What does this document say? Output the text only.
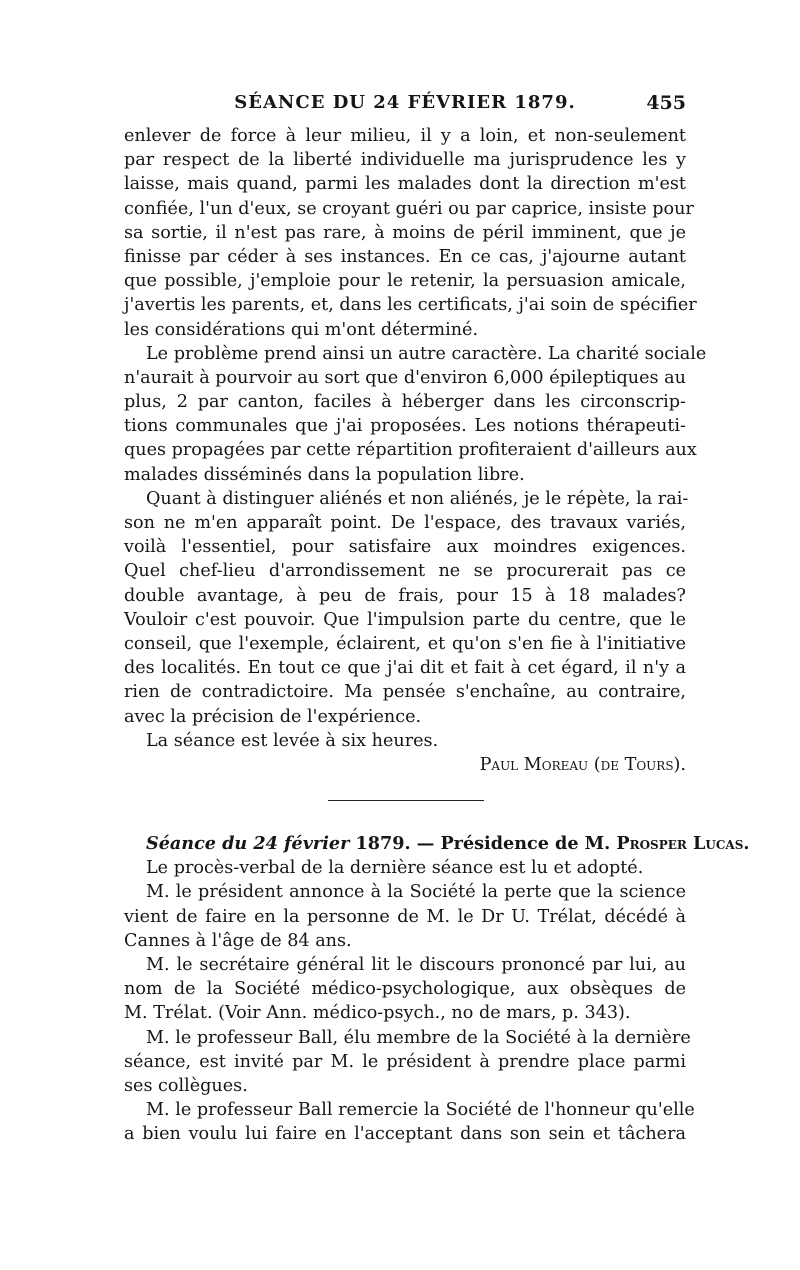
SÉANCE DU 24 FÉVRIER 1879.	455
enlever de force à leur milieu, il y a loin, et non-seulement
par respect de la liberté individuelle ma jurisprudence les y
laisse, mais quand, parmi les malades dont la direction m'est
confiée, l'un d'eux, se croyant guéri ou par caprice, insiste pour
sa sortie, il n'est pas rare, à moins de péril imminent, que je
finisse par céder à ses instances. En ce cas, j'ajourne autant
que possible, j'emploie pour le retenir, la persuasion amicale,
j'avertis les parents, et, dans les certificats, j'ai soin de spécifier
les considérations qui m'ont déterminé.
Le problème prend ainsi un autre caractère. La charité sociale
n'aurait à pourvoir au sort que d'environ 6,000 épileptiques au
plus, 2 par canton, faciles à héberger dans les circonscrip-
tions communales que j'ai proposées. Les notions thérapeuti-
ques propagées par cette répartition profiteraient d'ailleurs aux
malades disséminés dans la population libre.
Quant à distinguer aliénés et non aliénés, je le répète, la rai-
son ne m'en apparaît point. De l'espace, des travaux variés,
voilà l'essentiel, pour satisfaire aux moindres exigences.
Quel chef-lieu d'arrondissement ne se procurerait pas ce
double avantage, à peu de frais, pour 15 à 18 malades?
Vouloir c'est pouvoir. Que l'impulsion parte du centre, que le
conseil, que l'exemple, éclairent, et qu'on s'en fie à l'initiative
des localités. En tout ce que j'ai dit et fait à cet égard, il n'y a
rien de contradictoire. Ma pensée s'enchaîne, au contraire,
avec la précision de l'expérience.
La séance est levée à six heures.
Paul Moreau (de Tours).
Séance du 24 février 1879. — Présidence de M. Prosper Lucas.
Le procès-verbal de la dernière séance est lu et adopté.
M. le président annonce à la Société la perte que la science
vient de faire en la personne de M. le Dr U. Trélat, décédé à
Cannes à l'âge de 84 ans.
M. le secrétaire général lit le discours prononcé par lui, au
nom de la Société médico-psychologique, aux obsèques de
M. Trélat. (Voir Ann. médico-psych., no de mars, p. 343).
M. le professeur Ball, élu membre de la Société à la dernière
séance, est invité par M. le président à prendre place parmi
ses collègues.
M. le professeur Ball remercie la Société de l'honneur qu'elle
a bien voulu lui faire en l'acceptant dans son sein et tâchera
